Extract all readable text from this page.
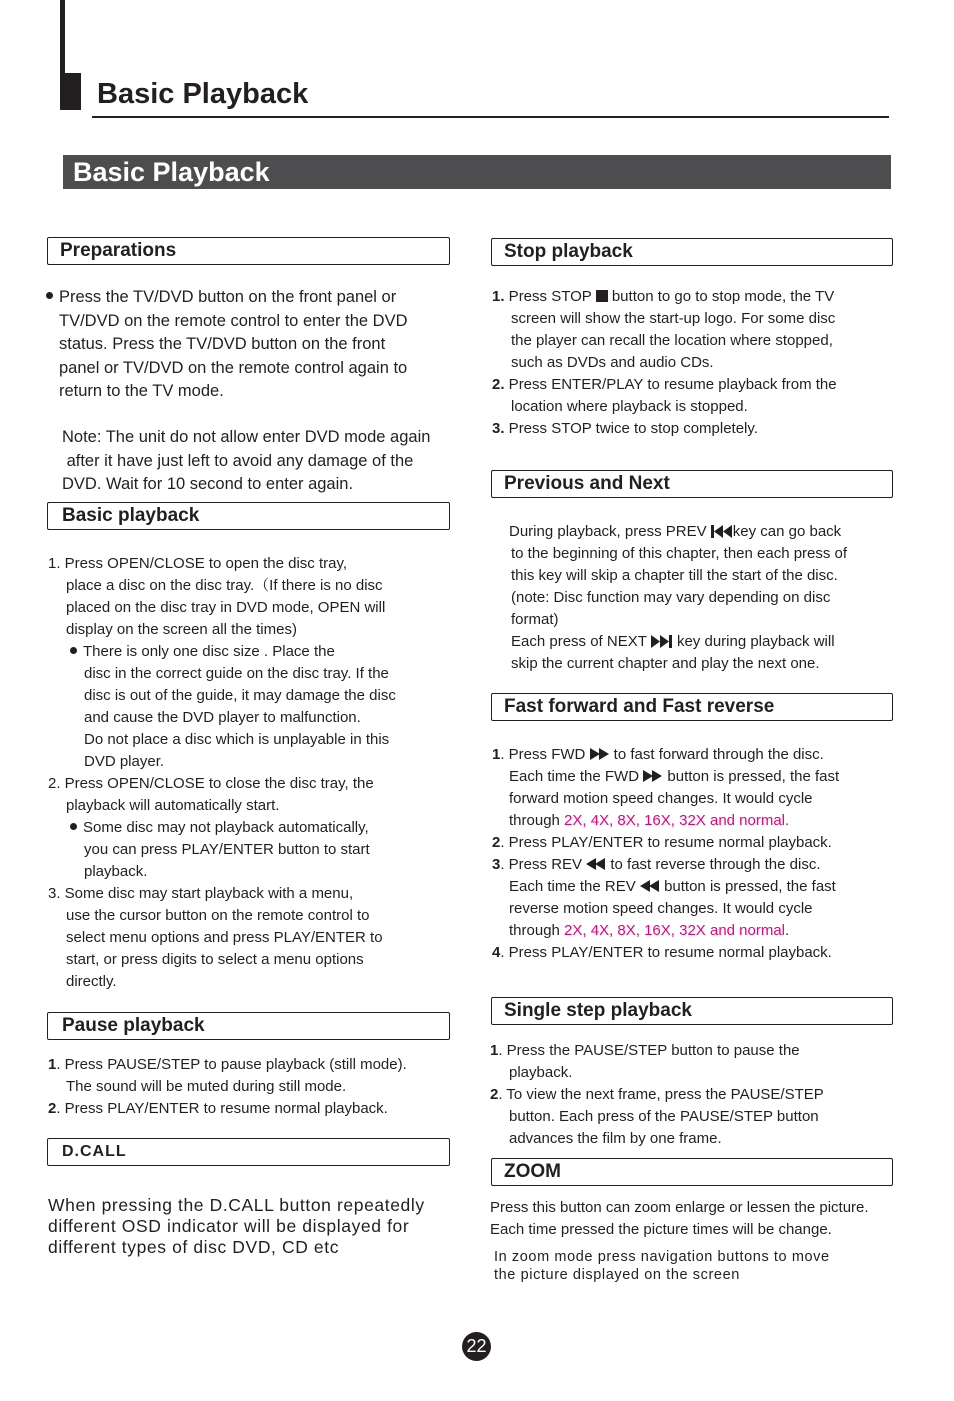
Basic Playback
Basic Playback
Preparations
Press the TV/DVD button on the front panel or
TV/DVD on the remote control to enter the DVD
status. Press the TV/DVD button on the front
panel or TV/DVD on the remote control again to
return to the TV mode.
Note: The unit do not allow enter DVD mode again
after it have just left to avoid any damage of the
DVD. Wait for 10 second to enter again.
Basic playback
1. Press OPEN/CLOSE to open the disc tray,
place a disc on the disc tray.（If there is no disc
placed on the disc tray in DVD mode, OPEN will
display on the screen all the times)
There is only one disc size . Place the
disc in the correct guide on the disc tray. If the
disc is out of the guide, it may damage the disc
and cause the DVD player to malfunction.
Do not place a disc which is unplayable in this
DVD player.
2. Press OPEN/CLOSE to close the disc tray, the
playback will automatically start.
Some disc may not playback automatically,
you can press PLAY/ENTER button to start
playback.
3. Some disc may start playback with a menu,
use the cursor button on the remote control to
select menu options and press PLAY/ENTER to
start, or press digits to select a menu options
directly.
Pause playback
1. Press PAUSE/STEP to pause playback (still mode).
The sound will be muted during still mode.
2. Press PLAY/ENTER to resume normal playback.
D.CALL
When pressing the D.CALL button repeatedly
different OSD indicator will be displayed for
different types of disc DVD, CD etc
Stop playback
1. Press STOP  button to go to stop mode, the TV
screen will show the start-up logo. For some disc
the player can recall the location where stopped,
such as DVDs and audio CDs.
2. Press ENTER/PLAY to resume playback from the
location where playback is stopped.
3. Press STOP twice to stop completely.
Previous and Next
During playback, press PREV key can go back
to the beginning of this chapter, then each press of
this key will skip a chapter till the start of the disc.
(note: Disc function may vary depending on disc
format)
Each press of NEXT  key during playback will
skip the current chapter and play the next one.
Fast forward and Fast reverse
1. Press FWD  to fast forward through the disc.
Each time the FWD  button is pressed, the fast
forward motion speed changes. It would cycle
through 2X, 4X, 8X, 16X, 32X and normal.
2. Press PLAY/ENTER to resume normal playback.
3. Press REV  to fast reverse through the disc.
Each time the REV  button is pressed, the fast
reverse motion speed changes. It would cycle
through 2X, 4X, 8X, 16X, 32X and normal.
4. Press PLAY/ENTER to resume normal playback.
Single step playback
1. Press the PAUSE/STEP button to pause the
playback.
2. To view the next frame, press the PAUSE/STEP
button. Each press of the PAUSE/STEP button
advances the film by one frame.
ZOOM
Press this button can zoom enlarge or lessen the picture.
Each time pressed the picture times will be change.
In zoom mode press navigation buttons to move
the picture displayed on the screen
22
